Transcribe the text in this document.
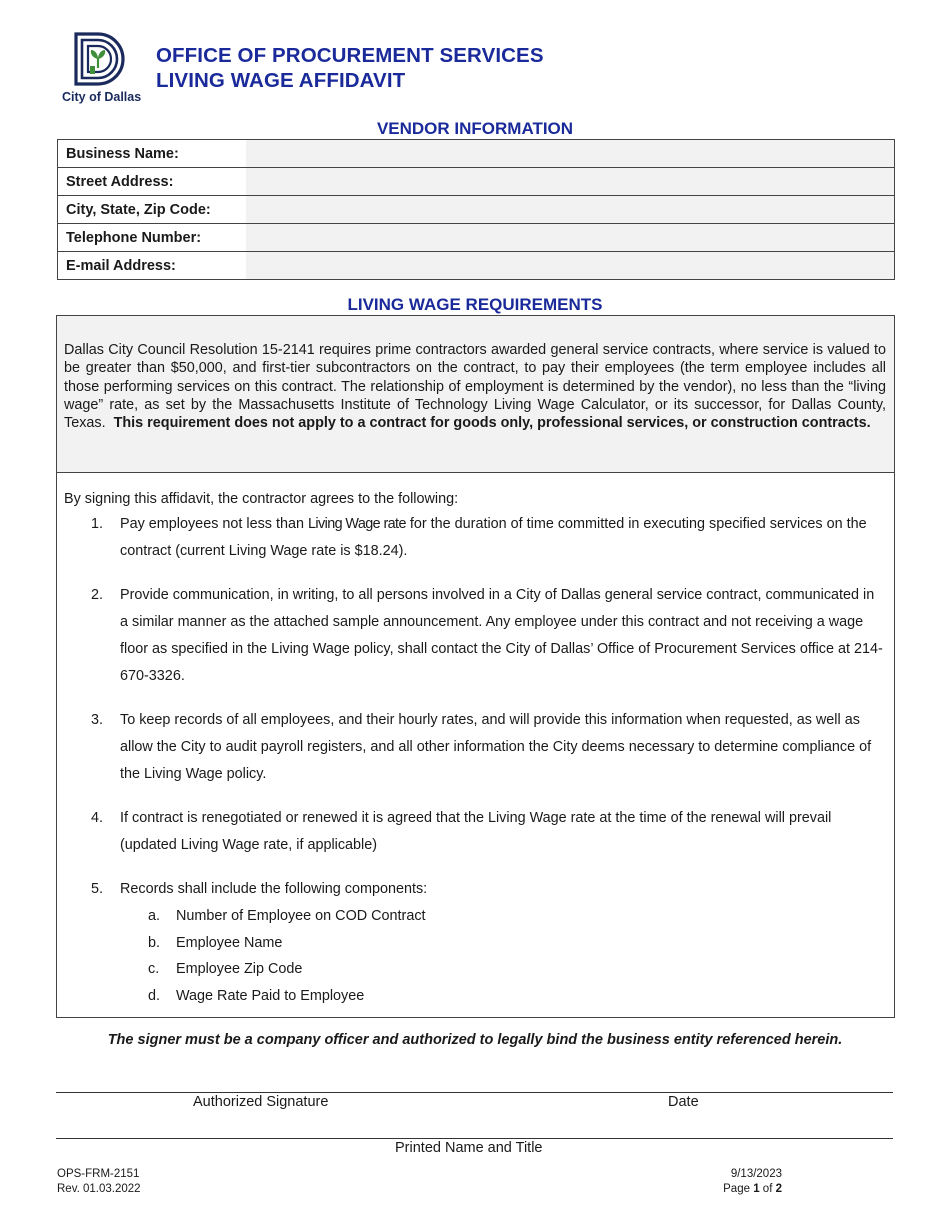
City of Dallas
OFFICE OF PROCUREMENT SERVICES
LIVING WAGE AFFIDAVIT
VENDOR INFORMATION
Business Name:	
Street Address:	
City, State, Zip Code:	
Telephone Number:	
E-mail Address:	
LIVING WAGE REQUIREMENTS
Dallas City Council Resolution 15-2141 requires prime contractors awarded general service contracts, where service is valued to be greater than $50,000, and first-tier subcontractors on the contract, to pay their employees (the term employee includes all those performing services on this contract. The relationship of employment is determined by the vendor), no less than the “living wage” rate, as set by the Massachusetts Institute of Technology Living Wage Calculator, or its successor, for Dallas County, Texas. This requirement does not apply to a contract for goods only, professional services, or construction contracts.
By signing this affidavit, the contractor agrees to the following:
1. Pay employees not less than Living Wage rate for the duration of time committed in executing specified services on the contract (current Living Wage rate is $18.24).
2. Provide communication, in writing, to all persons involved in a City of Dallas general service contract, communicated in a similar manner as the attached sample announcement. Any employee under this contract and not receiving a wage floor as specified in the Living Wage policy, shall contact the City of Dallas’ Office of Procurement Services office at 214-670-3326.
3. To keep records of all employees, and their hourly rates, and will provide this information when requested, as well as allow the City to audit payroll registers, and all other information the City deems necessary to determine compliance of the Living Wage policy.
4. If contract is renegotiated or renewed it is agreed that the Living Wage rate at the time of the renewal will prevail (updated Living Wage rate, if applicable)
5. Records shall include the following components:
a. Number of Employee on COD Contract
b. Employee Name
c. Employee Zip Code
d. Wage Rate Paid to Employee
The signer must be a company officer and authorized to legally bind the business entity referenced herein.
Authorized Signature	Date
Printed Name and Title
OPS-FRM-2151
Rev. 01.03.2022
9/13/2023
Page 1 of 2
